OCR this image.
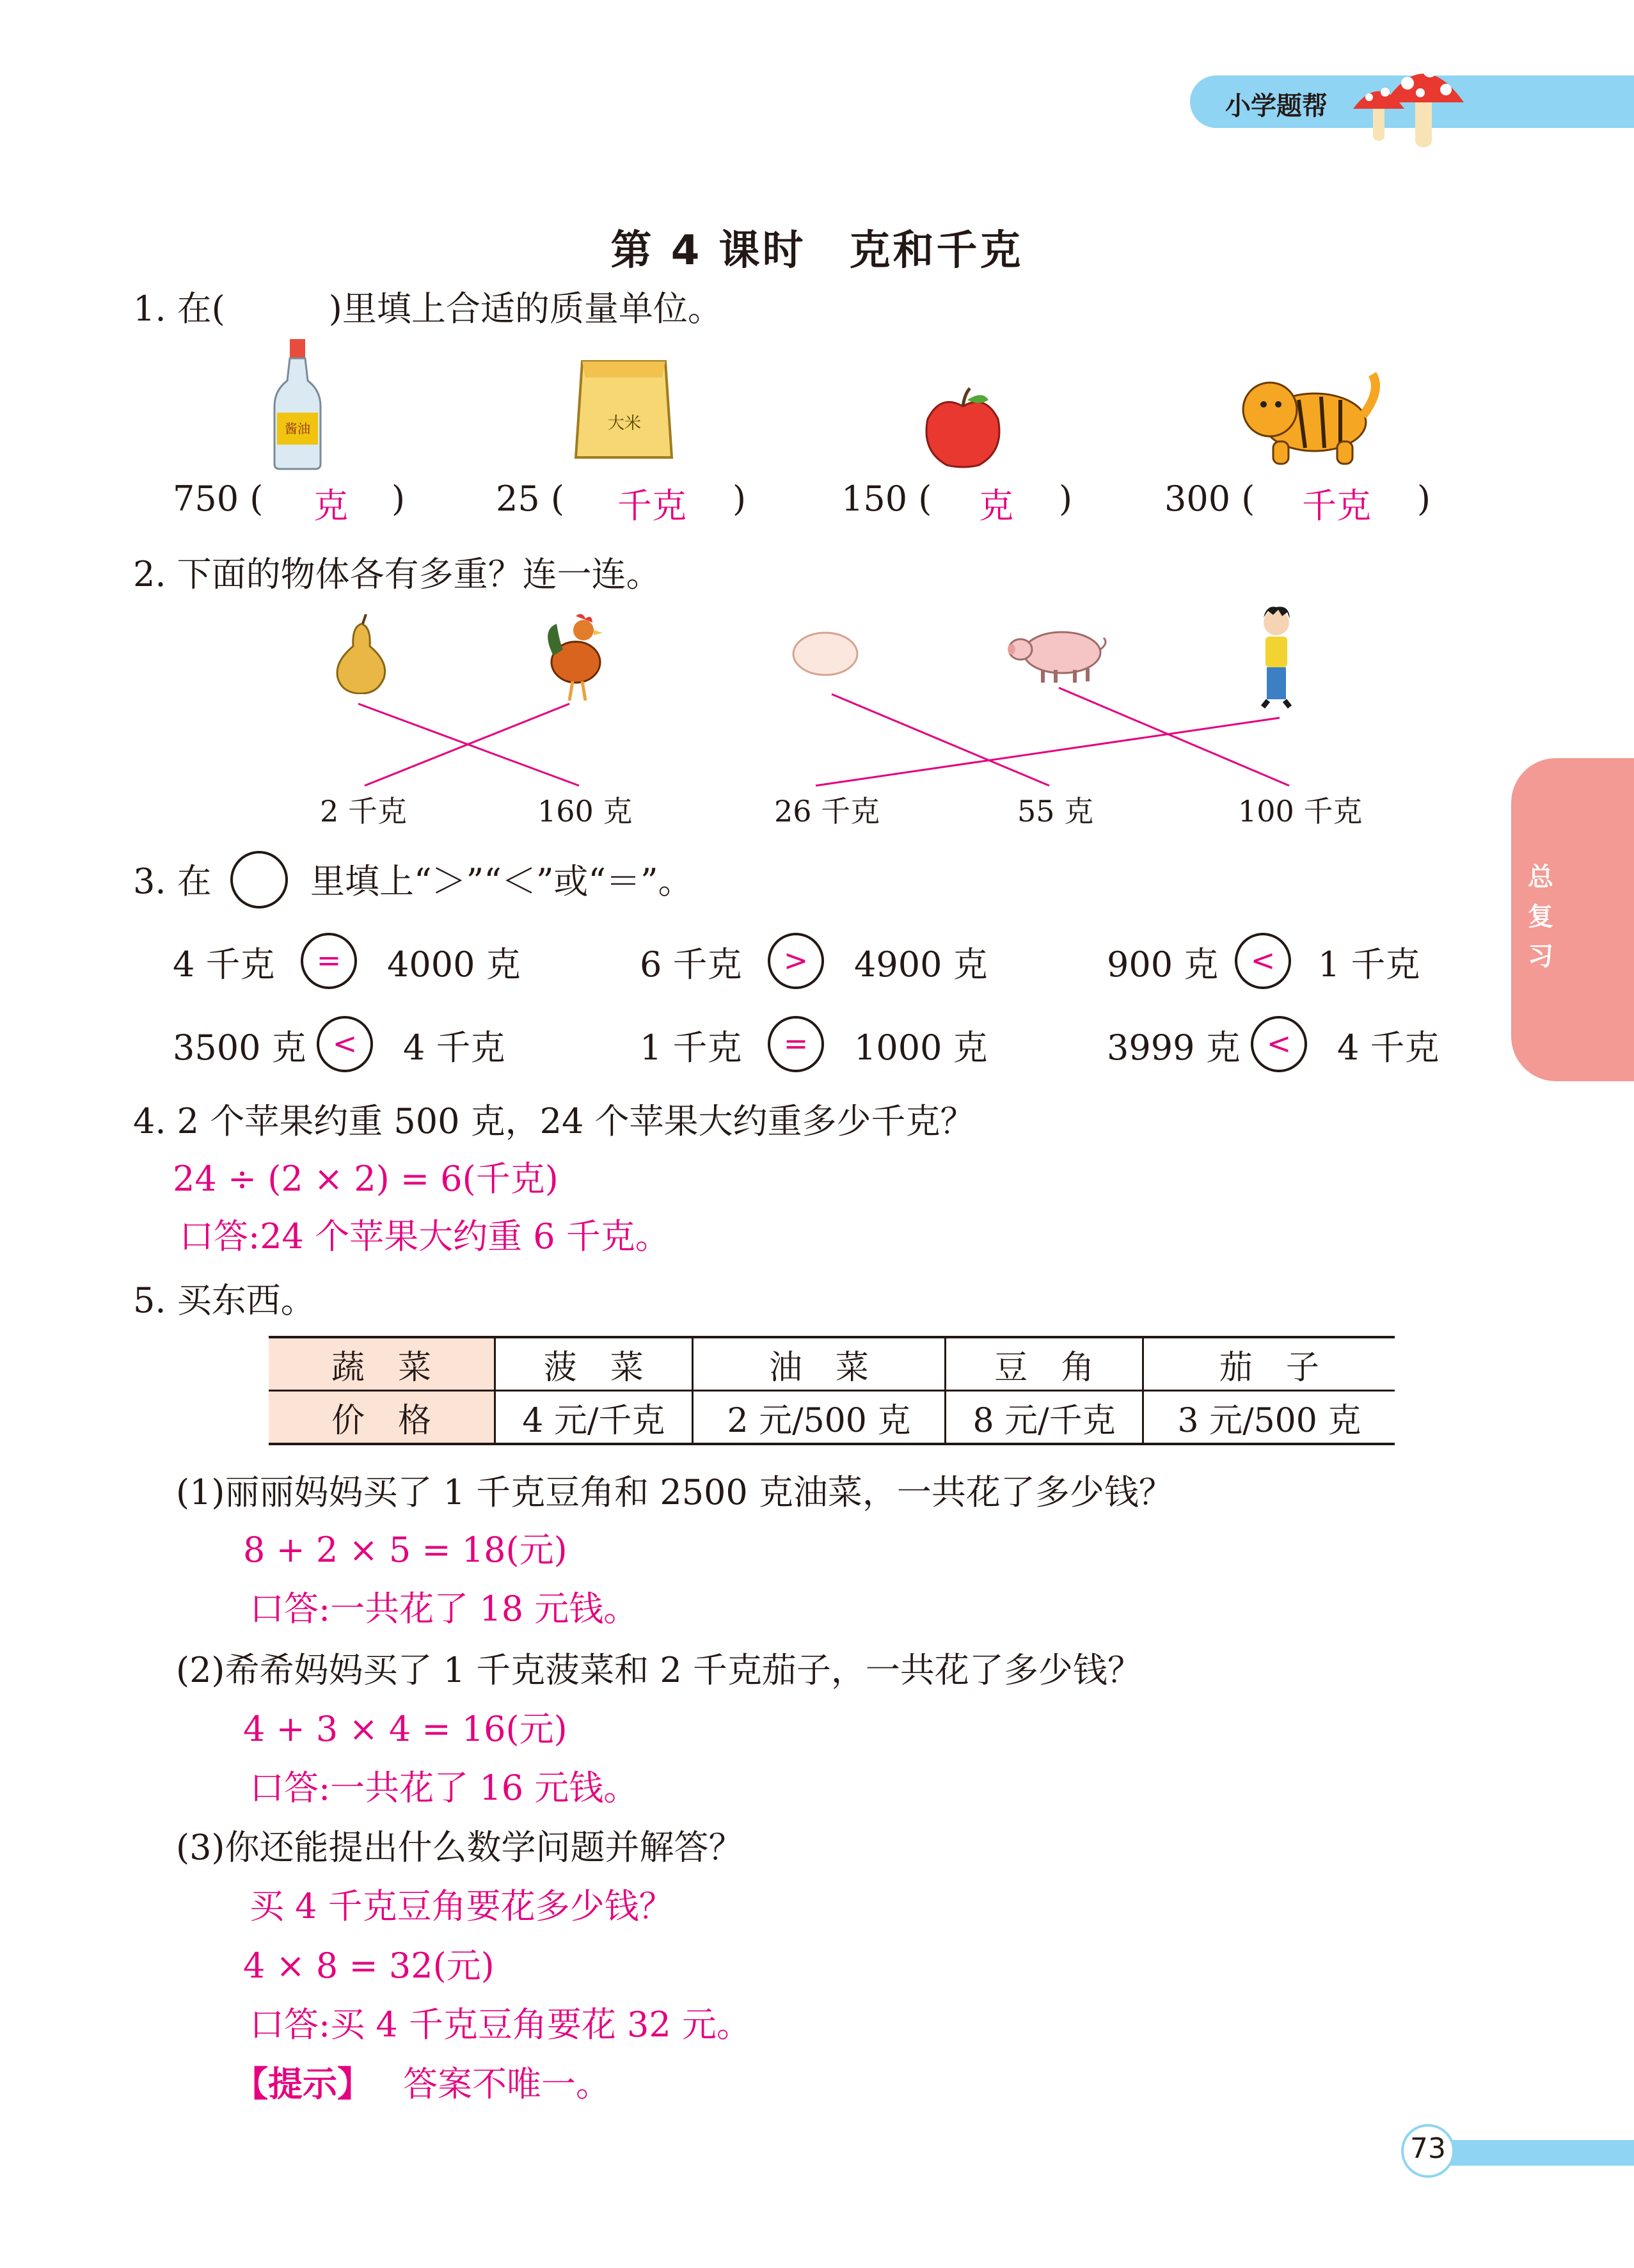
小学题帮
总复习
第 4 课时　克和千克
1. 在(　　　)里填上合适的质量单位。
酱油	大米
750 ( 克 )	25 ( 千克 )	150 ( 克 )	300 ( 千克 )
2. 下面的物体各有多重？连一连。
2 千克	160 克	26 千克	55 克	100 千克
3. 在	里填上“＞”“＜”或“＝”。
4 千克	=	4000 克	6 千克	>	4900 克	900 克	<	1 千克
3500 克 <	4 千克	1 千克	=	1000 克	3999 克 <	4 千克
4. 2 个苹果约重 500 克，24 个苹果大约重多少千克？
24 ÷ (2 × 2) = 6(千克)
口答:24 个苹果大约重 6 千克。
5. 买东西。
蔬　菜	菠　菜	油　菜	豆　角	茄　子
价　格	4 元/千克	2 元/500 克	8 元/千克	3 元/500 克
(1)丽丽妈妈买了 1 千克豆角和 2500 克油菜，一共花了多少钱？
8 + 2 × 5 = 18(元)
口答:一共花了 18 元钱。
(2)希希妈妈买了 1 千克菠菜和 2 千克茄子，一共花了多少钱？
4 + 3 × 4 = 16(元)
口答:一共花了 16 元钱。
(3)你还能提出什么数学问题并解答？
买 4 千克豆角要花多少钱？
4 × 8 = 32(元)
口答:买 4 千克豆角要花 32 元。
【提示】 答案不唯一。
73
